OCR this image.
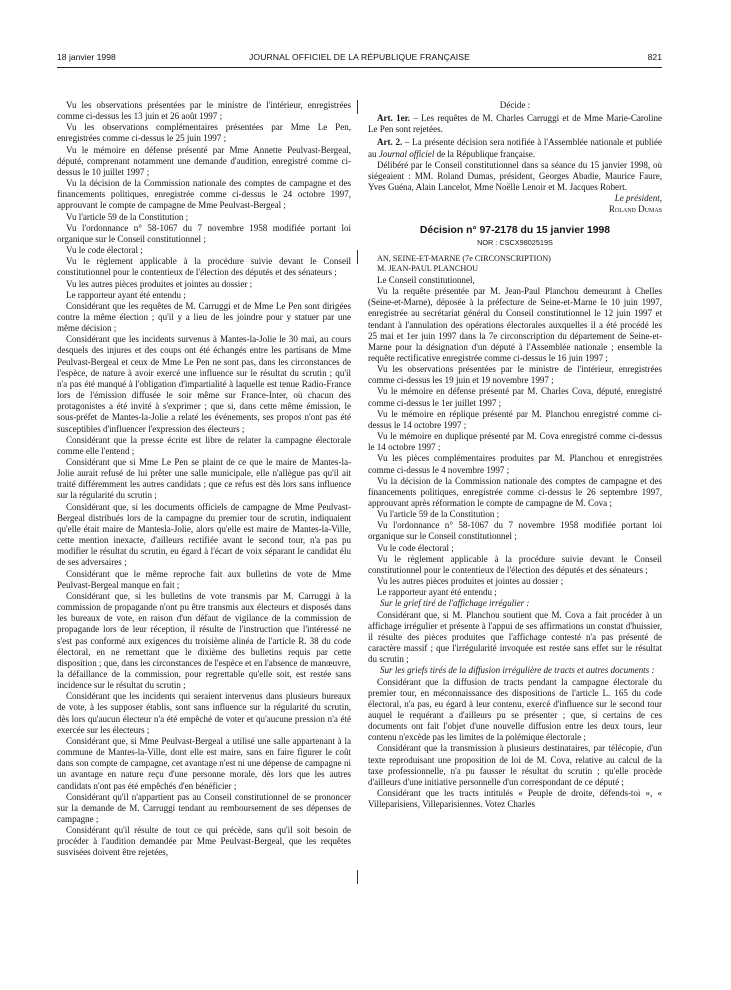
18 janvier 1998	JOURNAL OFFICIEL DE LA RÉPUBLIQUE FRANÇAISE	821

Vu les observations présentées par le ministre de l'intérieur, enregistrées comme ci-dessus les 13 juin et 26 août 1997 ;

Vu les observations complémentaires présentées par Mme Le Pen, enregistrées comme ci-dessus le 25 juin 1997 ;

Vu le mémoire en défense présenté par Mme Annette Peulvast-Bergeal, député, comprenant notamment une demande d'audition, enregistré comme ci-dessus le 10 juillet 1997 ;

Vu la décision de la Commission nationale des comptes de campagne et des financements politiques, enregistrée comme ci-dessus le 24 octobre 1997, approuvant le compte de campagne de Mme Peulvast-Bergeal ;

Vu l'article 59 de la Constitution ;

Vu l'ordonnance n° 58-1067 du 7 novembre 1958 modifiée portant loi organique sur le Conseil constitutionnel ;

Vu le code électoral ;

Vu le règlement applicable à la procédure suivie devant le Conseil constitutionnel pour le contentieux de l'élection des députés et des sénateurs ;

Vu les autres pièces produites et jointes au dossier ;

Le rapporteur ayant été entendu ;

Considérant que les requêtes de M. Carruggi et de Mme Le Pen sont dirigées contre la même élection ; qu'il y a lieu de les joindre pour y statuer par une même décision ;

Considérant que les incidents survenus à Mantes-la-Jolie le 30 mai, au cours desquels des injures et des coups ont été échangés entre les partisans de Mme Peulvast-Bergeal et ceux de Mme Le Pen ne sont pas, dans les circonstances de l'espèce, de nature à avoir exercé une influence sur le résultat du scrutin ; qu'il n'a pas été manqué à l'obligation d'impartialité à laquelle est tenue Radio-France lors de l'émission diffusée le soir même sur France-Inter, où chacun des protagonistes a été invité à s'exprimer ; que si, dans cette même émission, le sous-préfet de Mantes-la-Jolie a relaté les événements, ses propos n'ont pas été susceptibles d'influencer l'expression des électeurs ;

Considérant que la presse écrite est libre de relater la campagne électorale comme elle l'entend ;

Considérant que si Mme Le Pen se plaint de ce que le maire de Mantes-la-Jolie aurait refusé de lui prêter une salle municipale, elle n'allègue pas qu'il ait traité différemment les autres candidats ; que ce refus est dès lors sans influence sur la régularité du scrutin ;

Considérant que, si les documents officiels de campagne de Mme Peulvast-Bergeal distribués lors de la campagne du premier tour de scrutin, indiquaient qu'elle était maire de Mantesla-Jolie, alors qu'elle est maire de Mantes-la-Ville, cette mention inexacte, d'ailleurs rectifiée avant le second tour, n'a pas pu modifier le résultat du scrutin, eu égard à l'écart de voix séparant le candidat élu de ses adversaires ;

Considérant que le même reproche fait aux bulletins de vote de Mme Peulvast-Bergeal manque en fait ;

Considérant que, si les bulletins de vote transmis par M. Carruggi à la commission de propagande n'ont pu être transmis aux électeurs et disposés dans les bureaux de vote, en raison d'un défaut de vigilance de la commission de propagande lors de leur réception, il résulte de l'instruction que l'intéressé ne s'est pas conformé aux exigences du troisième alinéa de l'article R. 38 du code électoral, en ne remettant que le dixième des bulletins requis par cette disposition ; que, dans les circonstances de l'espèce et en l'absence de manœuvre, la défaillance de la commission, pour regrettable qu'elle soit, est restée sans incidence sur le résultat du scrutin ;

Considérant que les incidents qui seraient intervenus dans plusieurs bureaux de vote, à les supposer établis, sont sans influence sur la régularité du scrutin, dès lors qu'aucun électeur n'a été empêché de voter et qu'aucune pression n'a été exercée sur les électeurs ;

Considérant que, si Mme Peulvast-Bergeal a utilisé une salle appartenant à la commune de Mantes-la-Ville, dont elle est maire, sans en faire figurer le coût dans son compte de campagne, cet avantage n'est ni une dépense de campagne ni un avantage en nature reçu d'une personne morale, dès lors que les autres candidats n'ont pas été empêchés d'en bénéficier ;

Considérant qu'il n'appartient pas au Conseil constitutionnel de se prononcer sur la demande de M. Carruggi tendant au remboursement de ses dépenses de campagne ;

Considérant qu'il résulte de tout ce qui précède, sans qu'il soit besoin de procéder à l'audition demandée par Mme Peulvast-Bergeal, que les requêtes susvisées doivent être rejetées,

Décide :

Art. 1er. – Les requêtes de M. Charles Carruggi et de Mme Marie-Caroline Le Pen sont rejetées.

Art. 2. – La présente décision sera notifiée à l'Assemblée nationale et publiée au Journal officiel de la République française.

Délibéré par le Conseil constitutionnel dans sa séance du 15 janvier 1998, où siégeaient : MM. Roland Dumas, président, Georges Abadie, Maurice Faure, Yves Guéna, Alain Lancelot, Mme Noëlle Lenoir et M. Jacques Robert.

Le président,

Roland Dumas

Décision n° 97-2178 du 15 janvier 1998
NOR : CSCX9802519S

AN, SEINE-ET-MARNE (7e CIRCONSCRIPTION)

M. JEAN-PAUL PLANCHOU

Le Conseil constitutionnel,

Vu la requête présentée par M. Jean-Paul Planchou demeurant à Chelles (Seine-et-Marne), déposée à la préfecture de Seine-et-Marne le 10 juin 1997, enregistrée au secrétariat général du Conseil constitutionnel le 12 juin 1997 et tendant à l'annulation des opérations électorales auxquelles il a été procédé les 25 mai et 1er juin 1997 dans la 7e circonscription du département de Seine-et-Marne pour la désignation d'un député à l'Assemblée nationale ; ensemble la requête rectificative enregistrée comme ci-dessus le 16 juin 1997 ;

Vu les observations présentées par le ministre de l'intérieur, enregistrées comme ci-dessus les 19 juin et 19 novembre 1997 ;

Vu le mémoire en défense présenté par M. Charles Cova, député, enregistré comme ci-dessus le 1er juillet 1997 ;

Vu le mémoire en réplique présenté par M. Planchou enregistré comme ci-dessus le 14 octobre 1997 ;

Vu le mémoire en duplique présenté par M. Cova enregistré comme ci-dessus le 14 octobre 1997 ;

Vu les pièces complémentaires produites par M. Planchou et enregistrées comme ci-dessus le 4 novembre 1997 ;

Vu la décision de la Commission nationale des comptes de campagne et des financements politiques, enregistrée comme ci-dessus le 26 septembre 1997, approuvant après réformation le compte de campagne de M. Cova ;

Vu l'article 59 de la Constitution ;

Vu l'ordonnance n° 58-1067 du 7 novembre 1958 modifiée portant loi organique sur le Conseil constitutionnel ;

Vu le code électoral ;

Vu le règlement applicable à la procédure suivie devant le Conseil constitutionnel pour le contentieux de l'élection des députés et des sénateurs ;

Vu les autres pièces produites et jointes au dossier ;

Le rapporteur ayant été entendu ;

Sur le grief tiré de l'affichage irrégulier :

Considérant que, si M. Planchou soutient que M. Cova a fait procéder à un affichage irrégulier et présente à l'appui de ses affirmations un constat d'huissier, il résulte des pièces produites que l'affichage contesté n'a pas présenté de caractère massif ; que l'irrégularité invoquée est restée sans effet sur le résultat du scrutin ;

Sur les griefs tirés de la diffusion irrégulière de tracts et autres documents :

Considérant que la diffusion de tracts pendant la campagne électorale du premier tour, en méconnaissance des dispositions de l'article L. 165 du code électoral, n'a pas, eu égard à leur contenu, exercé d'influence sur le second tour auquel le requérant a d'ailleurs pu se présenter ; que, si certains de ces documents ont fait l'objet d'une nouvelle diffusion entre les deux tours, leur contenu n'excède pas les limites de la polémique électorale ;

Considérant que la transmission à plusieurs destinataires, par télécopie, d'un texte reproduisant une proposition de loi de M. Cova, relative au calcul de la taxe professionnelle, n'a pu fausser le résultat du scrutin ; qu'elle procède d'ailleurs d'une initiative personnelle d'un correspondant de ce député ;

Considérant que les tracts intitulés « Peuple de droite, défends-toi », « Villeparisiens, Villeparisiennes. Votez Charles
